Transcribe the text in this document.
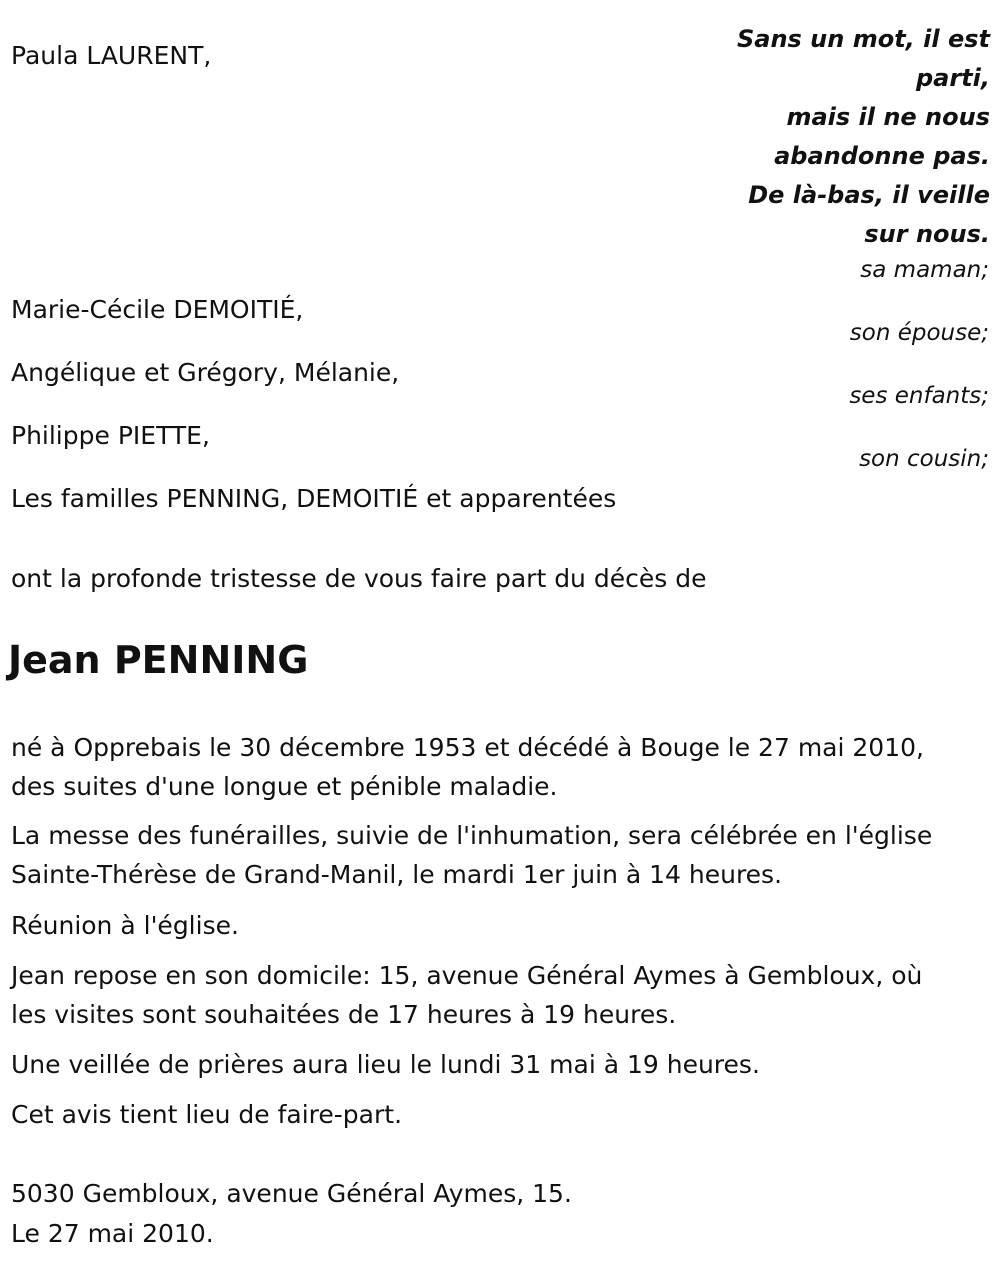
Paula LAURENT,
Marie-Cécile DEMOITIÉ,
Angélique et Grégory, Mélanie,
Philippe PIETTE,
Les familles PENNING, DEMOITIÉ et apparentées
Sans un mot, il est
parti,
mais il ne nous
abandonne pas.
De là-bas, il veille
sur nous.
sa maman;
son épouse;
ses enfants;
son cousin;
ont la profonde tristesse de vous faire part du décès de
Jean PENNING
né à Opprebais le 30 décembre 1953 et décédé à Bouge le 27 mai 2010,
des suites d'une longue et pénible maladie.
La messe des funérailles, suivie de l'inhumation, sera célébrée en l'église
Sainte-Thérèse de Grand-Manil, le mardi 1er juin à 14 heures.
Réunion à l'église.
Jean repose en son domicile: 15, avenue Général Aymes à Gembloux, où
les visites sont souhaitées de 17 heures à 19 heures.
Une veillée de prières aura lieu le lundi 31 mai à 19 heures.
Cet avis tient lieu de faire-part.
5030 Gembloux, avenue Général Aymes, 15.
Le 27 mai 2010.
